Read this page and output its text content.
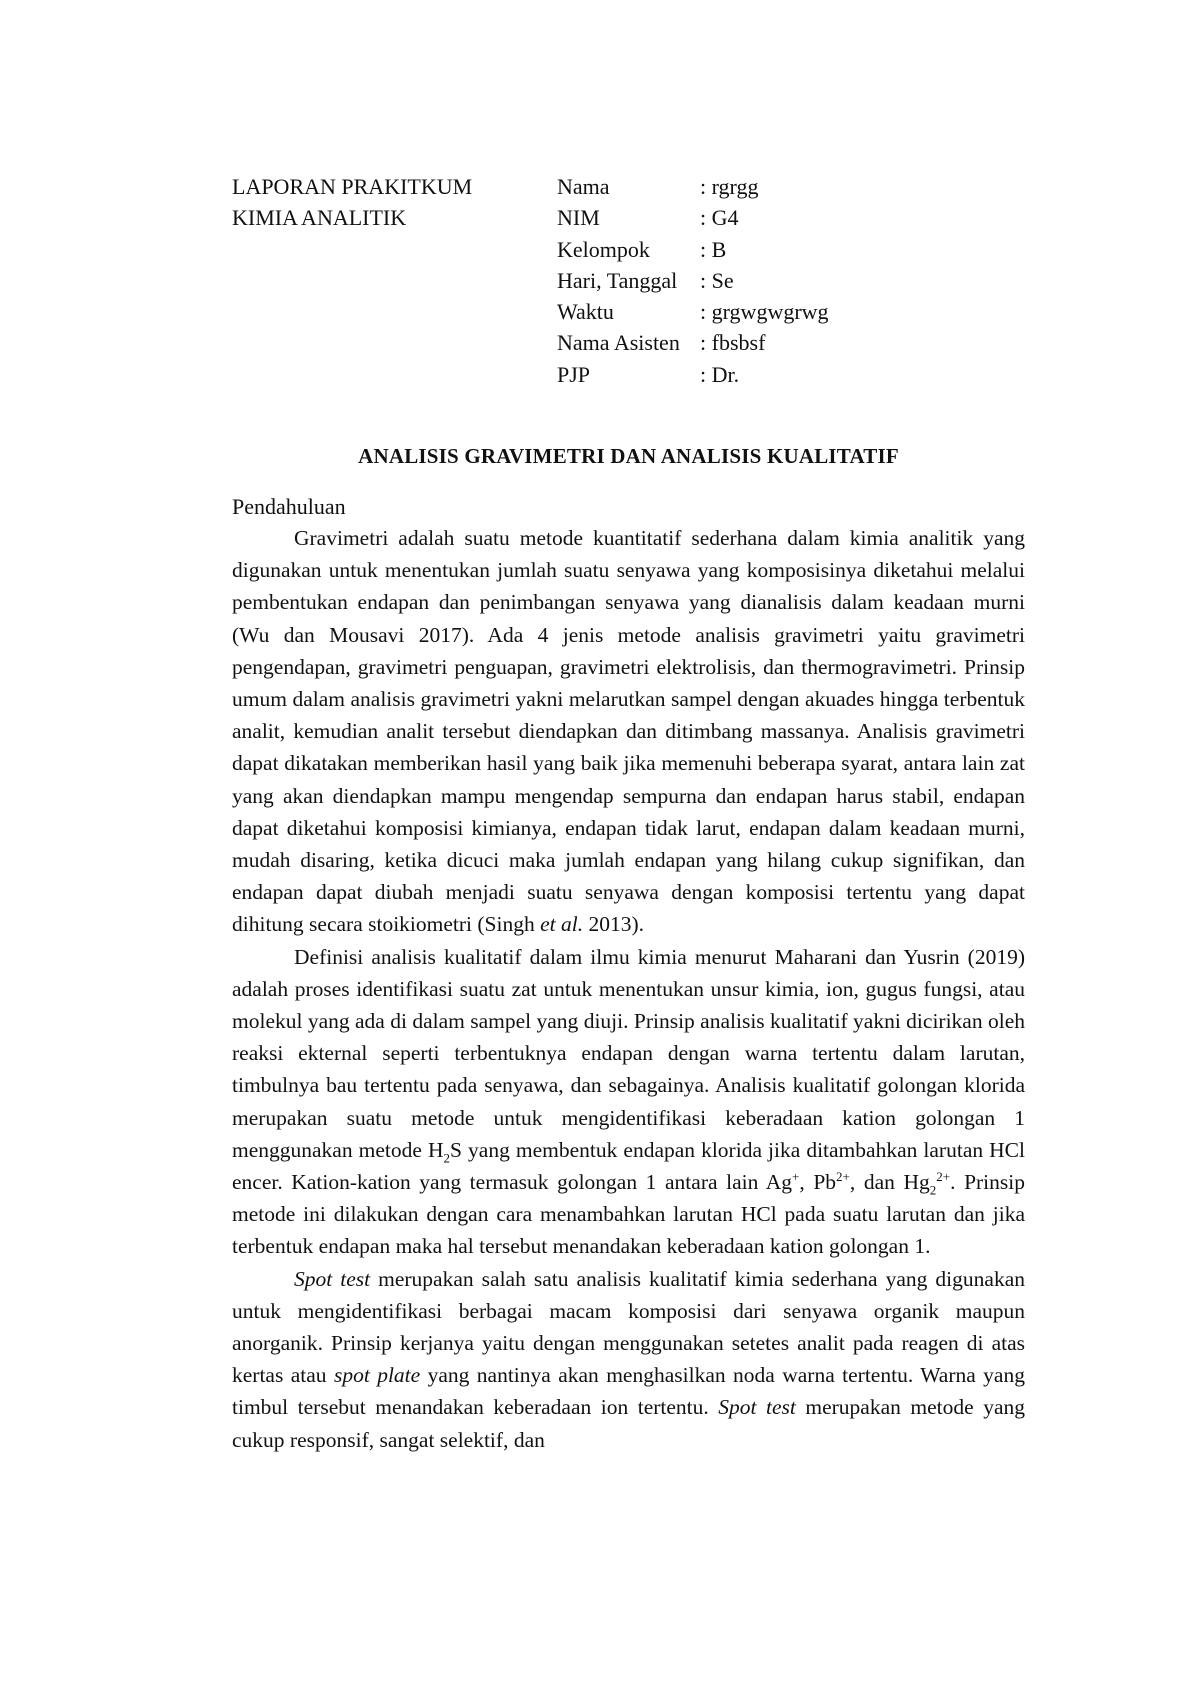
LAPORAN PRAKITKUM
KIMIA ANALITIK
Nama	: rgrgg
NIM	: G4
Kelompok	: B
Hari, Tanggal	: Se
Waktu	: grgwgwgrwg
Nama Asisten	: fbsbsf
PJP	: Dr.
ANALISIS GRAVIMETRI DAN ANALISIS KUALITATIF
Pendahuluan

Gravimetri adalah suatu metode kuantitatif sederhana dalam kimia analitik yang digunakan untuk menentukan jumlah suatu senyawa yang komposisinya diketahui melalui pembentukan endapan dan penimbangan senyawa yang dianalisis dalam keadaan murni (Wu dan Mousavi 2017). Ada 4 jenis metode analisis gravimetri yaitu gravimetri pengendapan, gravimetri penguapan, gravimetri elektrolisis, dan thermogravimetri. Prinsip umum dalam analisis gravimetri yakni melarutkan sampel dengan akuades hingga terbentuk analit, kemudian analit tersebut diendapkan dan ditimbang massanya. Analisis gravimetri dapat dikatakan memberikan hasil yang baik jika memenuhi beberapa syarat, antara lain zat yang akan diendapkan mampu mengendap sempurna dan endapan harus stabil, endapan dapat diketahui komposisi kimianya, endapan tidak larut, endapan dalam keadaan murni, mudah disaring, ketika dicuci maka jumlah endapan yang hilang cukup signifikan, dan endapan dapat diubah menjadi suatu senyawa dengan komposisi tertentu yang dapat dihitung secara stoikiometri (Singh et al. 2013).

Definisi analisis kualitatif dalam ilmu kimia menurut Maharani dan Yusrin (2019) adalah proses identifikasi suatu zat untuk menentukan unsur kimia, ion, gugus fungsi, atau molekul yang ada di dalam sampel yang diuji. Prinsip analisis kualitatif yakni dicirikan oleh reaksi ekternal seperti terbentuknya endapan dengan warna tertentu dalam larutan, timbulnya bau tertentu pada senyawa, dan sebagainya. Analisis kualitatif golongan klorida merupakan suatu metode untuk mengidentifikasi keberadaan kation golongan 1 menggunakan metode $H_2S$ yang membentuk endapan klorida jika ditambahkan larutan HCl encer. Kation-kation yang termasuk golongan 1 antara lain Ag+, $Pb^{2+}$, dan $Hg_2^{2+}$. Prinsip metode ini dilakukan dengan cara menambahkan larutan HCl pada suatu larutan dan jika terbentuk endapan maka hal tersebut menandakan keberadaan kation golongan 1.

Spot test merupakan salah satu analisis kualitatif kimia sederhana yang digunakan untuk mengidentifikasi berbagai macam komposisi dari senyawa organik maupun anorganik. Prinsip kerjanya yaitu dengan menggunakan setetes analit pada reagen di atas kertas atau spot plate yang nantinya akan menghasilkan noda warna tertentu. Warna yang timbul tersebut menandakan keberadaan ion tertentu. Spot test merupakan metode yang cukup responsif, sangat selektif, dan
